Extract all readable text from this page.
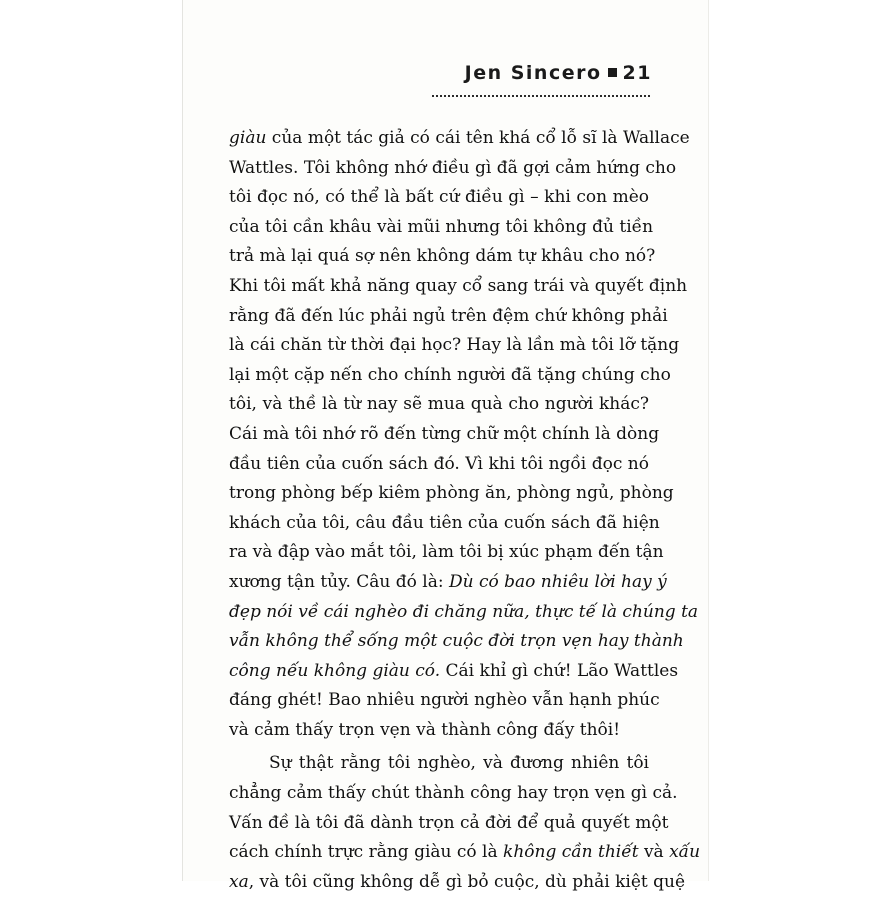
Jen Sincero 21
giàu của một tác giả có cái tên khá cổ lỗ sĩ là Wallace
Wattles. Tôi không nhớ điều gì đã gợi cảm hứng cho
tôi đọc nó, có thể là bất cứ điều gì – khi con mèo
của tôi cần khâu vài mũi nhưng tôi không đủ tiền
trả mà lại quá sợ nên không dám tự khâu cho nó?
Khi tôi mất khả năng quay cổ sang trái và quyết định
rằng đã đến lúc phải ngủ trên đệm chứ không phải
là cái chăn từ thời đại học? Hay là lần mà tôi lỡ tặng
lại một cặp nến cho chính người đã tặng chúng cho
tôi, và thề là từ nay sẽ mua quà cho người khác?
Cái mà tôi nhớ rõ đến từng chữ một chính là dòng
đầu tiên của cuốn sách đó. Vì khi tôi ngồi đọc nó
trong phòng bếp kiêm phòng ăn, phòng ngủ, phòng
khách của tôi, câu đầu tiên của cuốn sách đã hiện
ra và đập vào mắt tôi, làm tôi bị xúc phạm đến tận
xương tận tủy. Câu đó là: Dù có bao nhiêu lời hay ý
đẹp nói về cái nghèo đi chăng nữa, thực tế là chúng ta
vẫn không thể sống một cuộc đời trọn vẹn hay thành
công nếu không giàu có. Cái khỉ gì chứ! Lão Wattles
đáng ghét! Bao nhiêu người nghèo vẫn hạnh phúc
và cảm thấy trọn vẹn và thành công đấy thôi!
Sự thật rằng tôi nghèo, và đương nhiên tôi
chẳng cảm thấy chút thành công hay trọn vẹn gì cả.
Vấn đề là tôi đã dành trọn cả đời để quả quyết một
cách chính trực rằng giàu có là không cần thiết và xấu
xa, và tôi cũng không dễ gì bỏ cuộc, dù phải kiệt quệ
